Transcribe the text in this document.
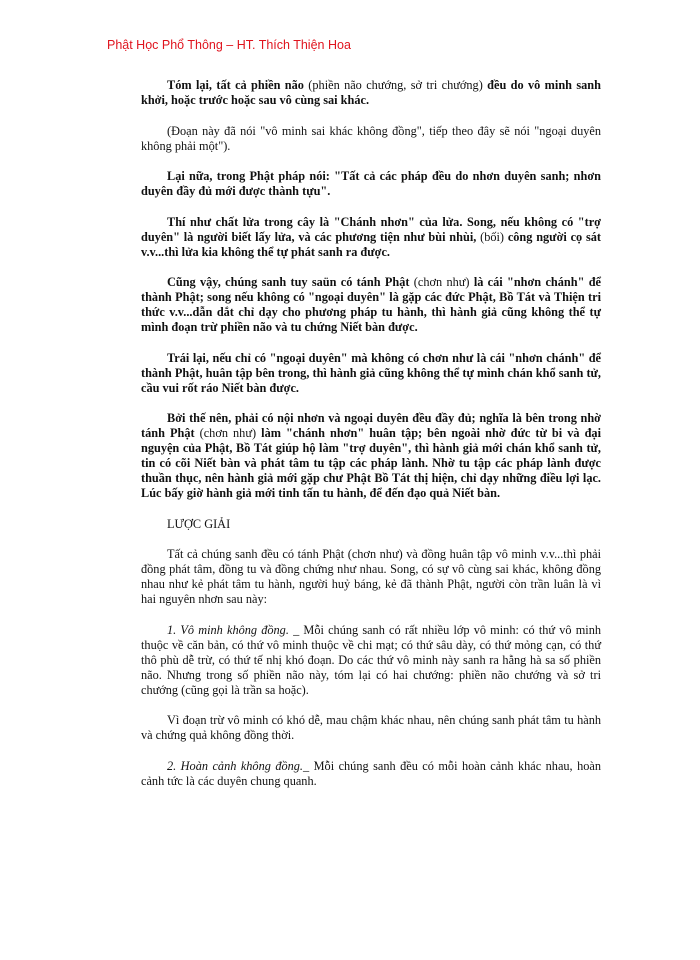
Phật Học Phổ Thông – HT. Thích Thiện Hoa

Tóm lại, tất cả phiền não (phiền não chướng, sở tri chướng) đều do vô minh sanh khởi, hoặc trước hoặc sau vô cùng sai khác.

(Đoạn này đã nói "vô minh sai khác không đồng", tiếp theo đây sẽ nói "ngoại duyên không phải một").

Lại nữa, trong Phật pháp nói: "Tất cả các pháp đều do nhơn duyên sanh; nhơn duyên đầy đủ mới được thành tựu".

Thí như chất lửa trong cây là "Chánh nhơn" của lửa. Song, nếu không có "trợ duyên" là người biết lấy lửa, và các phương tiện như bùi nhùi, (bối) công người cọ sát v.v...thì lửa kia không thể tự phát sanh ra được.

Cũng vậy, chúng sanh tuy saün có tánh Phật (chơn như) là cái "nhơn chánh" để thành Phật; song nếu không có "ngoại duyên" là gặp các đức Phật, Bồ Tát và Thiện tri thức v.v...dẫn dắt chỉ dạy cho phương pháp tu hành, thì hành giả cũng không thể tự mình đoạn trừ phiền não và tu chứng Niết bàn được.

Trái lại, nếu chỉ có "ngoại duyên" mà không có chơn như là cái "nhơn chánh" để thành Phật, huân tập bên trong, thì hành giả cũng không thể tự mình chán khổ sanh tử, cầu vui rốt ráo Niết bàn được.

Bởi thế nên, phải có nội nhơn và ngoại duyên đều đầy đủ; nghĩa là bên trong nhờ tánh Phật (chơn như) làm "chánh nhơn" huân tập; bên ngoài nhờ đức từ bi và đại nguyện của Phật, Bồ Tát giúp hộ làm "trợ duyên", thì hành giả mới chán khổ sanh tử, tin có cõi Niết bàn và phát tâm tu tập các pháp lành. Nhờ tu tập các pháp lành được thuần thục, nên hành giả mới gặp chư Phật Bồ Tát thị hiện, chỉ dạy những điều lợi lạc. Lúc bấy giờ hành giả mới tinh tấn tu hành, để đến đạo quả Niết bàn.

LƯỢC GIẢI

Tất cả chúng sanh đều có tánh Phật (chơn như) và đồng huân tập vô minh v.v...thì phải đồng phát tâm, đồng tu và đồng chứng như nhau. Song, có sự vô cùng sai khác, không đồng nhau như kẻ phát tâm tu hành, người huỷ báng, kẻ đã thành Phật, người còn trần luân là vì hai nguyên nhơn sau này:

1. Vô minh không đồng. _ Mỗi chúng sanh có rất nhiều lớp vô minh: có thứ vô minh thuộc về căn bản, có thứ vô minh thuộc về chi mạt; có thứ sâu dày, có thứ mỏng cạn, có thứ thô phù dễ trừ, có thứ tế nhị khó đoạn. Do các thứ vô minh này sanh ra hằng hà sa số phiền não. Nhưng trong số phiền não này, tóm lại có hai chướng: phiền não chướng và sở tri chướng (cũng gọi là trần sa hoặc).

Vì đoạn trừ vô minh có khó dễ, mau chậm khác nhau, nên chúng sanh phát tâm tu hành và chứng quả không đồng thời.

2. Hoàn cảnh không đồng._ Mỗi chúng sanh đều có mỗi hoàn cảnh khác nhau, hoàn cảnh tức là các duyên chung quanh.
